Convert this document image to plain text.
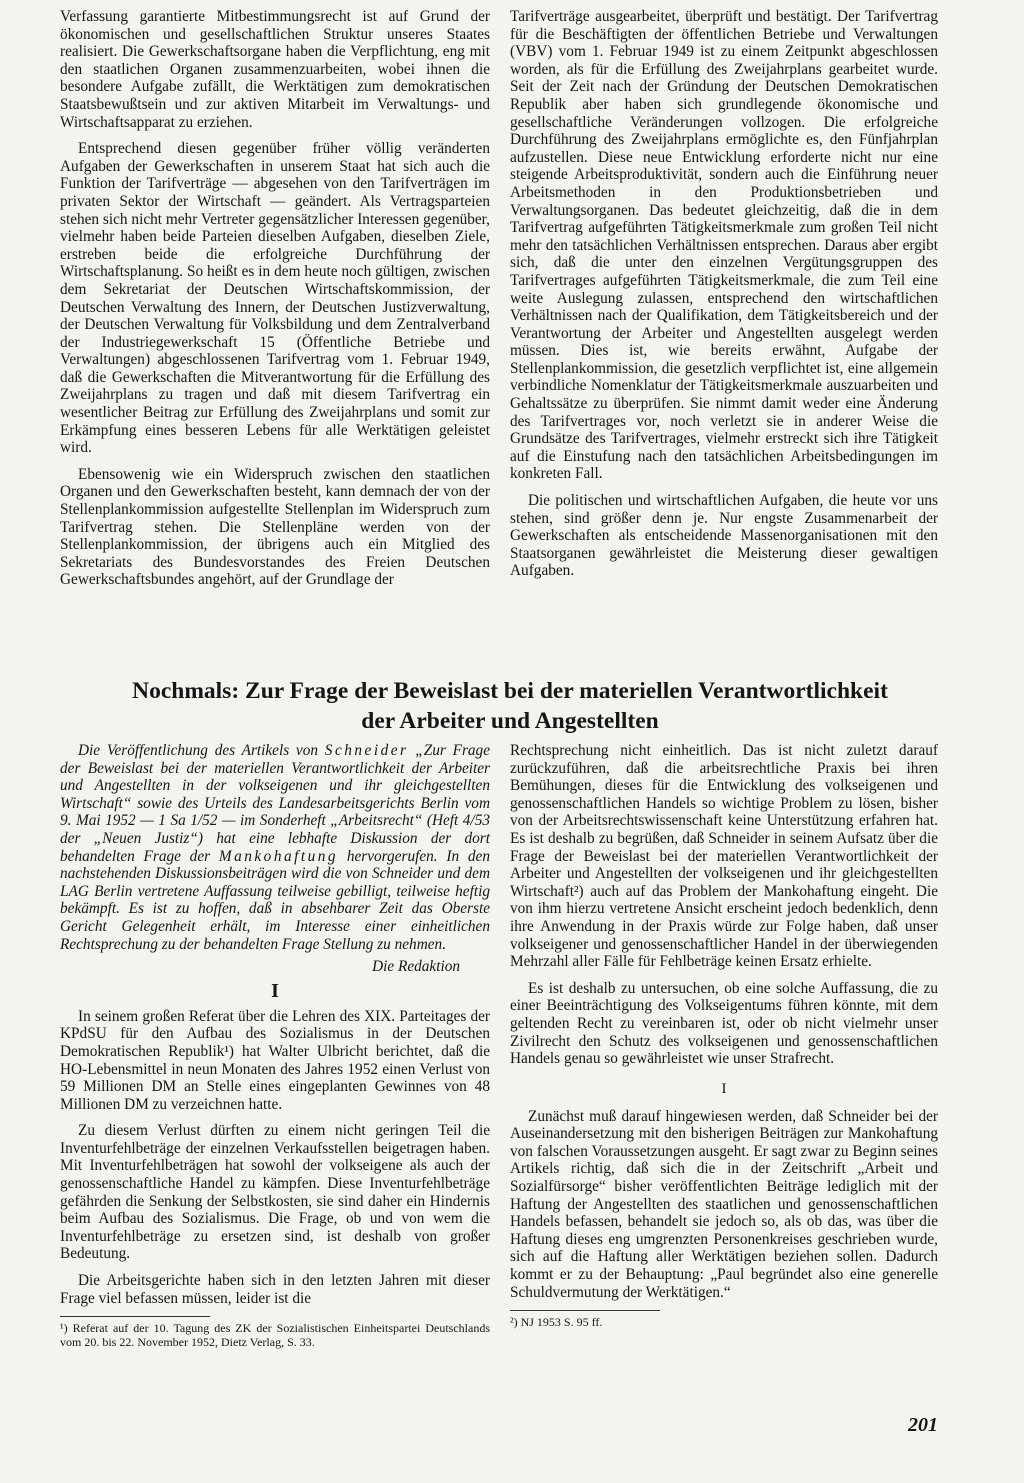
Verfassung garantierte Mitbestimmungsrecht ist auf Grund der ökonomischen und gesellschaftlichen Struktur unseres Staates realisiert. Die Gewerkschaftsorgane haben die Verpflichtung, eng mit den staatlichen Organen zusammenzuarbeiten, wobei ihnen die besondere Aufgabe zufällt, die Werktätigen zum demokratischen Staatsbewußtsein und zur aktiven Mitarbeit im Verwaltungs- und Wirtschaftsapparat zu erziehen.

Entsprechend diesen gegenüber früher völlig veränderten Aufgaben der Gewerkschaften in unserem Staat hat sich auch die Funktion der Tarifverträge — abgesehen von den Tarifverträgen im privaten Sektor der Wirtschaft — geändert. Als Vertragsparteien stehen sich nicht mehr Vertreter gegensätzlicher Interessen gegenüber, vielmehr haben beide Parteien dieselben Aufgaben, dieselben Ziele, erstreben beide die erfolgreiche Durchführung der Wirtschaftsplanung. So heißt es in dem heute noch gültigen, zwischen dem Sekretariat der Deutschen Wirtschaftskommission, der Deutschen Verwaltung des Innern, der Deutschen Justizverwaltung, der Deutschen Verwaltung für Volksbildung und dem Zentralverband der Industriegewerkschaft 15 (Öffentliche Betriebe und Verwaltungen) abgeschlossenen Tarifvertrag vom 1. Februar 1949, daß die Gewerkschaften die Mitverantwortung für die Erfüllung des Zweijahrplans zu tragen und daß mit diesem Tarifvertrag ein wesentlicher Beitrag zur Erfüllung des Zweijahrplans und somit zur Erkämpfung eines besseren Lebens für alle Werktätigen geleistet wird.

Ebensowenig wie ein Widerspruch zwischen den staatlichen Organen und den Gewerkschaften besteht, kann demnach der von der Stellenplankommission aufgestellte Stellenplan im Widerspruch zum Tarifvertrag stehen. Die Stellenpläne werden von der Stellenplankommission, der übrigens auch ein Mitglied des Sekretariats des Bundesvorstandes des Freien Deutschen Gewerkschaftsbundes angehört, auf der Grundlage der

Tarifverträge ausgearbeitet, überprüft und bestätigt. Der Tarifvertrag für die Beschäftigten der öffentlichen Betriebe und Verwaltungen (VBV) vom 1. Februar 1949 ist zu einem Zeitpunkt abgeschlossen worden, als für die Erfüllung des Zweijahrplans gearbeitet wurde. Seit der Zeit nach der Gründung der Deutschen Demokratischen Republik aber haben sich grundlegende ökonomische und gesellschaftliche Veränderungen vollzogen. Die erfolgreiche Durchführung des Zweijahrplans ermöglichte es, den Fünfjahrplan aufzustellen. Diese neue Entwicklung erforderte nicht nur eine steigende Arbeitsproduktivität, sondern auch die Einführung neuer Arbeitsmethoden in den Produktionsbetrieben und Verwaltungsorganen. Das bedeutet gleichzeitig, daß die in dem Tarifvertrag aufgeführten Tätigkeitsmerkmale zum großen Teil nicht mehr den tatsächlichen Verhältnissen entsprechen. Daraus aber ergibt sich, daß die unter den einzelnen Vergütungsgruppen des Tarifvertrages aufgeführten Tätigkeitsmerkmale, die zum Teil eine weite Auslegung zulassen, entsprechend den wirtschaftlichen Verhältnissen nach der Qualifikation, dem Tätigkeitsbereich und der Verantwortung der Arbeiter und Angestellten ausgelegt werden müssen. Dies ist, wie bereits erwähnt, Aufgabe der Stellenplankommission, die gesetzlich verpflichtet ist, eine allgemein verbindliche Nomenklatur der Tätigkeitsmerkmale auszuarbeiten und Gehaltssätze zu überprüfen. Sie nimmt damit weder eine Änderung des Tarifvertrages vor, noch verletzt sie in anderer Weise die Grundsätze des Tarifvertrages, vielmehr erstreckt sich ihre Tätigkeit auf die Einstufung nach den tatsächlichen Arbeitsbedingungen im konkreten Fall.

Die politischen und wirtschaftlichen Aufgaben, die heute vor uns stehen, sind größer denn je. Nur engste Zusammenarbeit der Gewerkschaften als entscheidende Massenorganisationen mit den Staatsorganen gewährleistet die Meisterung dieser gewaltigen Aufgaben.

Nochmals: Zur Frage der Beweislast bei der materiellen Verantwortlichkeit
der Arbeiter und Angestellten

Die Veröffentlichung des Artikels von Schneider „Zur Frage der Beweislast bei der materiellen Verantwortlichkeit der Arbeiter und Angestellten in der volkseigenen und ihr gleichgestellten Wirtschaft“ sowie des Urteils des Landesarbeitsgerichts Berlin vom 9. Mai 1952 — 1 Sa 1/52 — im Sonderheft „Arbeitsrecht“ (Heft 4/53 der „Neuen Justiz“) hat eine lebhafte Diskussion der dort behandelten Frage der Mankohaftung hervorgerufen. In den nachstehenden Diskussionsbeiträgen wird die von Schneider und dem LAG Berlin vertretene Auffassung teilweise gebilligt, teilweise heftig bekämpft. Es ist zu hoffen, daß in absehbarer Zeit das Oberste Gericht Gelegenheit erhält, im Interesse einer einheitlichen Rechtsprechung zu der behandelten Frage Stellung zu nehmen.

Die Redaktion
I

In seinem großen Referat über die Lehren des XIX. Parteitages der KPdSU für den Aufbau des Sozialismus in der Deutschen Demokratischen Republik¹) hat Walter Ulbricht berichtet, daß die HO-Lebensmittel in neun Monaten des Jahres 1952 einen Verlust von 59 Millionen DM an Stelle eines eingeplanten Gewinnes von 48 Millionen DM zu verzeichnen hatte.

Zu diesem Verlust dürften zu einem nicht geringen Teil die Inventurfehlbeträge der einzelnen Verkaufsstellen beigetragen haben. Mit Inventurfehlbeträgen hat sowohl der volkseigene als auch der genossenschaftliche Handel zu kämpfen. Diese Inventurfehlbeträge gefährden die Senkung der Selbstkosten, sie sind daher ein Hindernis beim Aufbau des Sozialismus. Die Frage, ob und von wem die Inventurfehlbeträge zu ersetzen sind, ist deshalb von großer Bedeutung.

Die Arbeitsgerichte haben sich in den letzten Jahren mit dieser Frage viel befassen müssen, leider ist die

¹) Referat auf der 10. Tagung des ZK der Sozialistischen Einheitspartei Deutschlands vom 20. bis 22. November 1952, Dietz Verlag, S. 33.

Rechtsprechung nicht einheitlich. Das ist nicht zuletzt darauf zurückzuführen, daß die arbeitsrechtliche Praxis bei ihren Bemühungen, dieses für die Entwicklung des volkseigenen und genossenschaftlichen Handels so wichtige Problem zu lösen, bisher von der Arbeitsrechtswissenschaft keine Unterstützung erfahren hat. Es ist deshalb zu begrüßen, daß Schneider in seinem Aufsatz über die Frage der Beweislast bei der materiellen Verantwortlichkeit der Arbeiter und Angestellten der volkseigenen und ihr gleichgestellten Wirtschaft²) auch auf das Problem der Mankohaftung eingeht. Die von ihm hierzu vertretene Ansicht erscheint jedoch bedenklich, denn ihre Anwendung in der Praxis würde zur Folge haben, daß unser volkseigener und genossenschaftlicher Handel in der überwiegenden Mehrzahl aller Fälle für Fehlbeträge keinen Ersatz erhielte.

Es ist deshalb zu untersuchen, ob eine solche Auffassung, die zu einer Beeinträchtigung des Volkseigentums führen könnte, mit dem geltenden Recht zu vereinbaren ist, oder ob nicht vielmehr unser Zivilrecht den Schutz des volkseigenen und genossenschaftlichen Handels genau so gewährleistet wie unser Strafrecht.

I

Zunächst muß darauf hingewiesen werden, daß Schneider bei der Auseinandersetzung mit den bisherigen Beiträgen zur Mankohaftung von falschen Voraussetzungen ausgeht. Er sagt zwar zu Beginn seines Artikels richtig, daß sich die in der Zeitschrift „Arbeit und Sozialfürsorge“ bisher veröffentlichten Beiträge lediglich mit der Haftung der Angestellten des staatlichen und genossenschaftlichen Handels befassen, behandelt sie jedoch so, als ob das, was über die Haftung dieses eng umgrenzten Personenkreises geschrieben wurde, sich auf die Haftung aller Werktätigen beziehen sollen. Dadurch kommt er zu der Behauptung: „Paul begründet also eine generelle Schuldvermutung der Werktätigen.“

²) NJ 1953 S. 95 ff.
201
